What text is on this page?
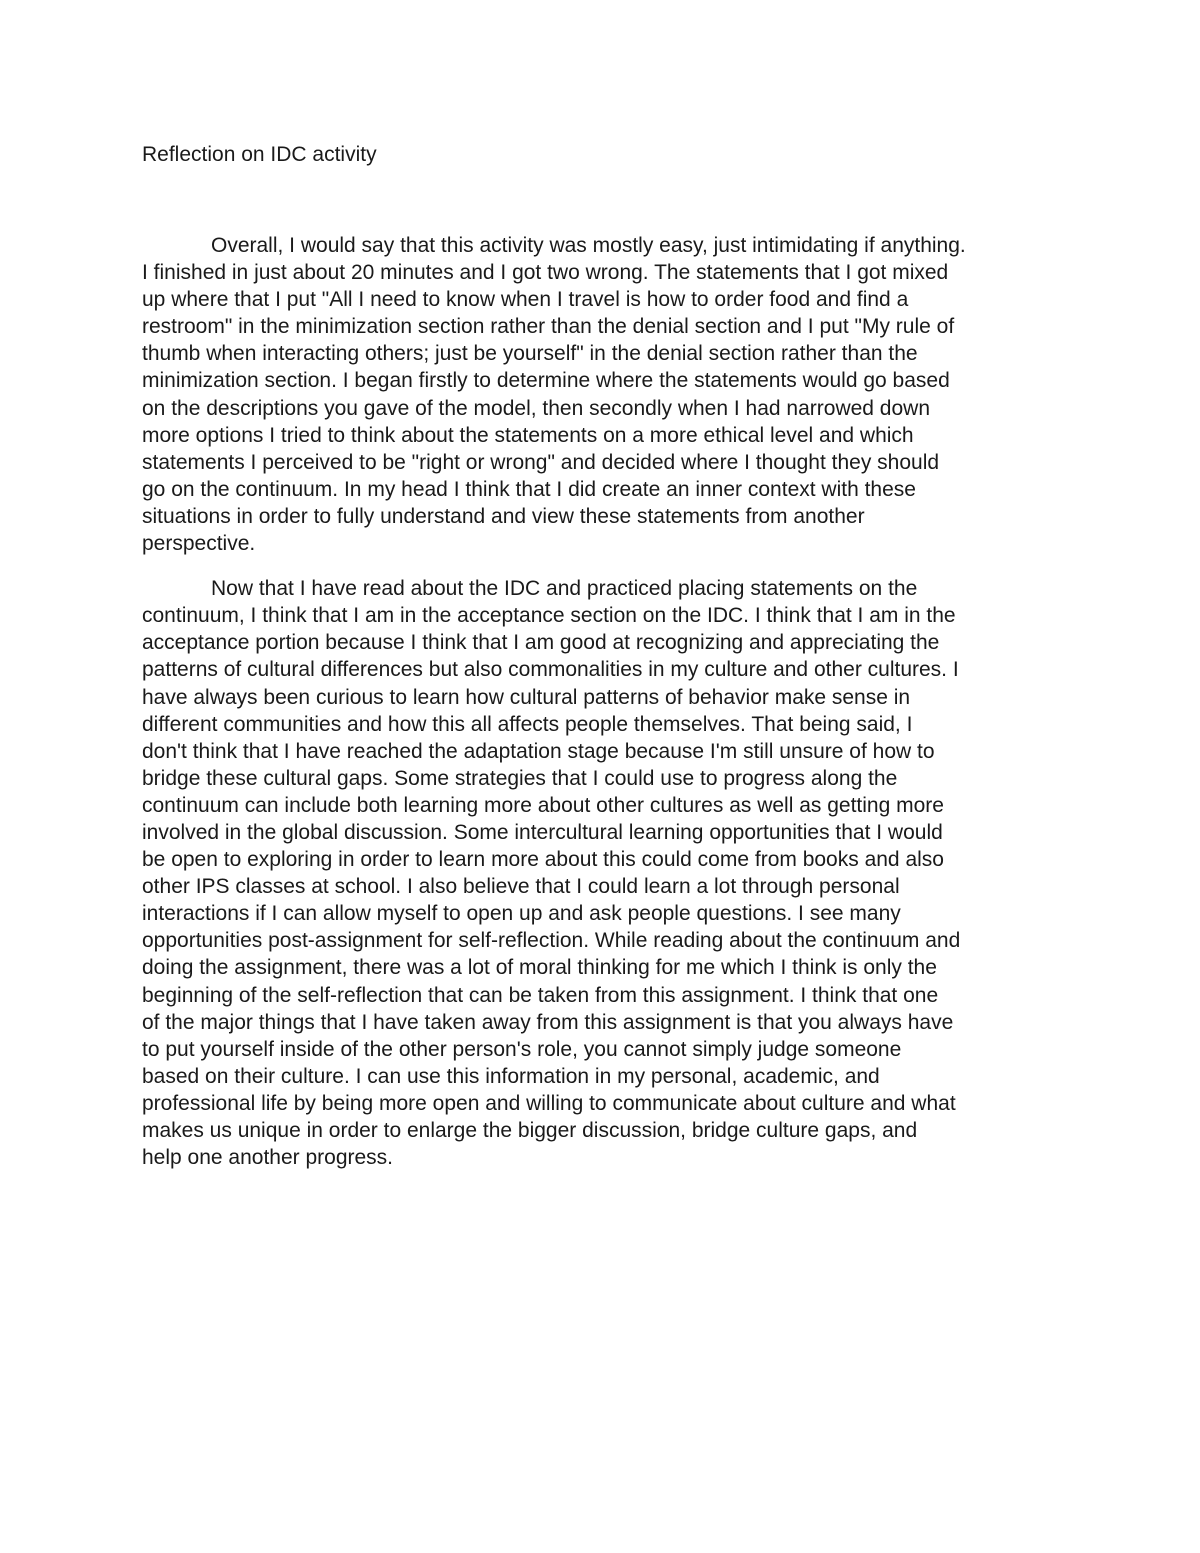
Reflection on IDC activity

Overall, I would say that this activity was mostly easy, just intimidating if anything.
I finished in just about 20 minutes and I got two wrong. The statements that I got mixed
up where that I put "All I need to know when I travel is how to order food and find a
restroom" in the minimization section rather than the denial section and I put "My rule of
thumb when interacting others; just be yourself" in the denial section rather than the
minimization section. I began firstly to determine where the statements would go based
on the descriptions you gave of the model, then secondly when I had narrowed down
more options I tried to think about the statements on a more ethical level and which
statements I perceived to be "right or wrong" and decided where I thought they should
go on the continuum. In my head I think that I did create an inner context with these
situations in order to fully understand and view these statements from another
perspective.

Now that I have read about the IDC and practiced placing statements on the
continuum, I think that I am in the acceptance section on the IDC. I think that I am in the
acceptance portion because I think that I am good at recognizing and appreciating the
patterns of cultural differences but also commonalities in my culture and other cultures. I
have always been curious to learn how cultural patterns of behavior make sense in
different communities and how this all affects people themselves. That being said, I
don't think that I have reached the adaptation stage because I'm still unsure of how to
bridge these cultural gaps. Some strategies that I could use to progress along the
continuum can include both learning more about other cultures as well as getting more
involved in the global discussion. Some intercultural learning opportunities that I would
be open to exploring in order to learn more about this could come from books and also
other IPS classes at school. I also believe that I could learn a lot through personal
interactions if I can allow myself to open up and ask people questions. I see many
opportunities post-assignment for self-reflection. While reading about the continuum and
doing the assignment, there was a lot of moral thinking for me which I think is only the
beginning of the self-reflection that can be taken from this assignment. I think that one
of the major things that I have taken away from this assignment is that you always have
to put yourself inside of the other person's role, you cannot simply judge someone
based on their culture. I can use this information in my personal, academic, and
professional life by being more open and willing to communicate about culture and what
makes us unique in order to enlarge the bigger discussion, bridge culture gaps, and
help one another progress.
